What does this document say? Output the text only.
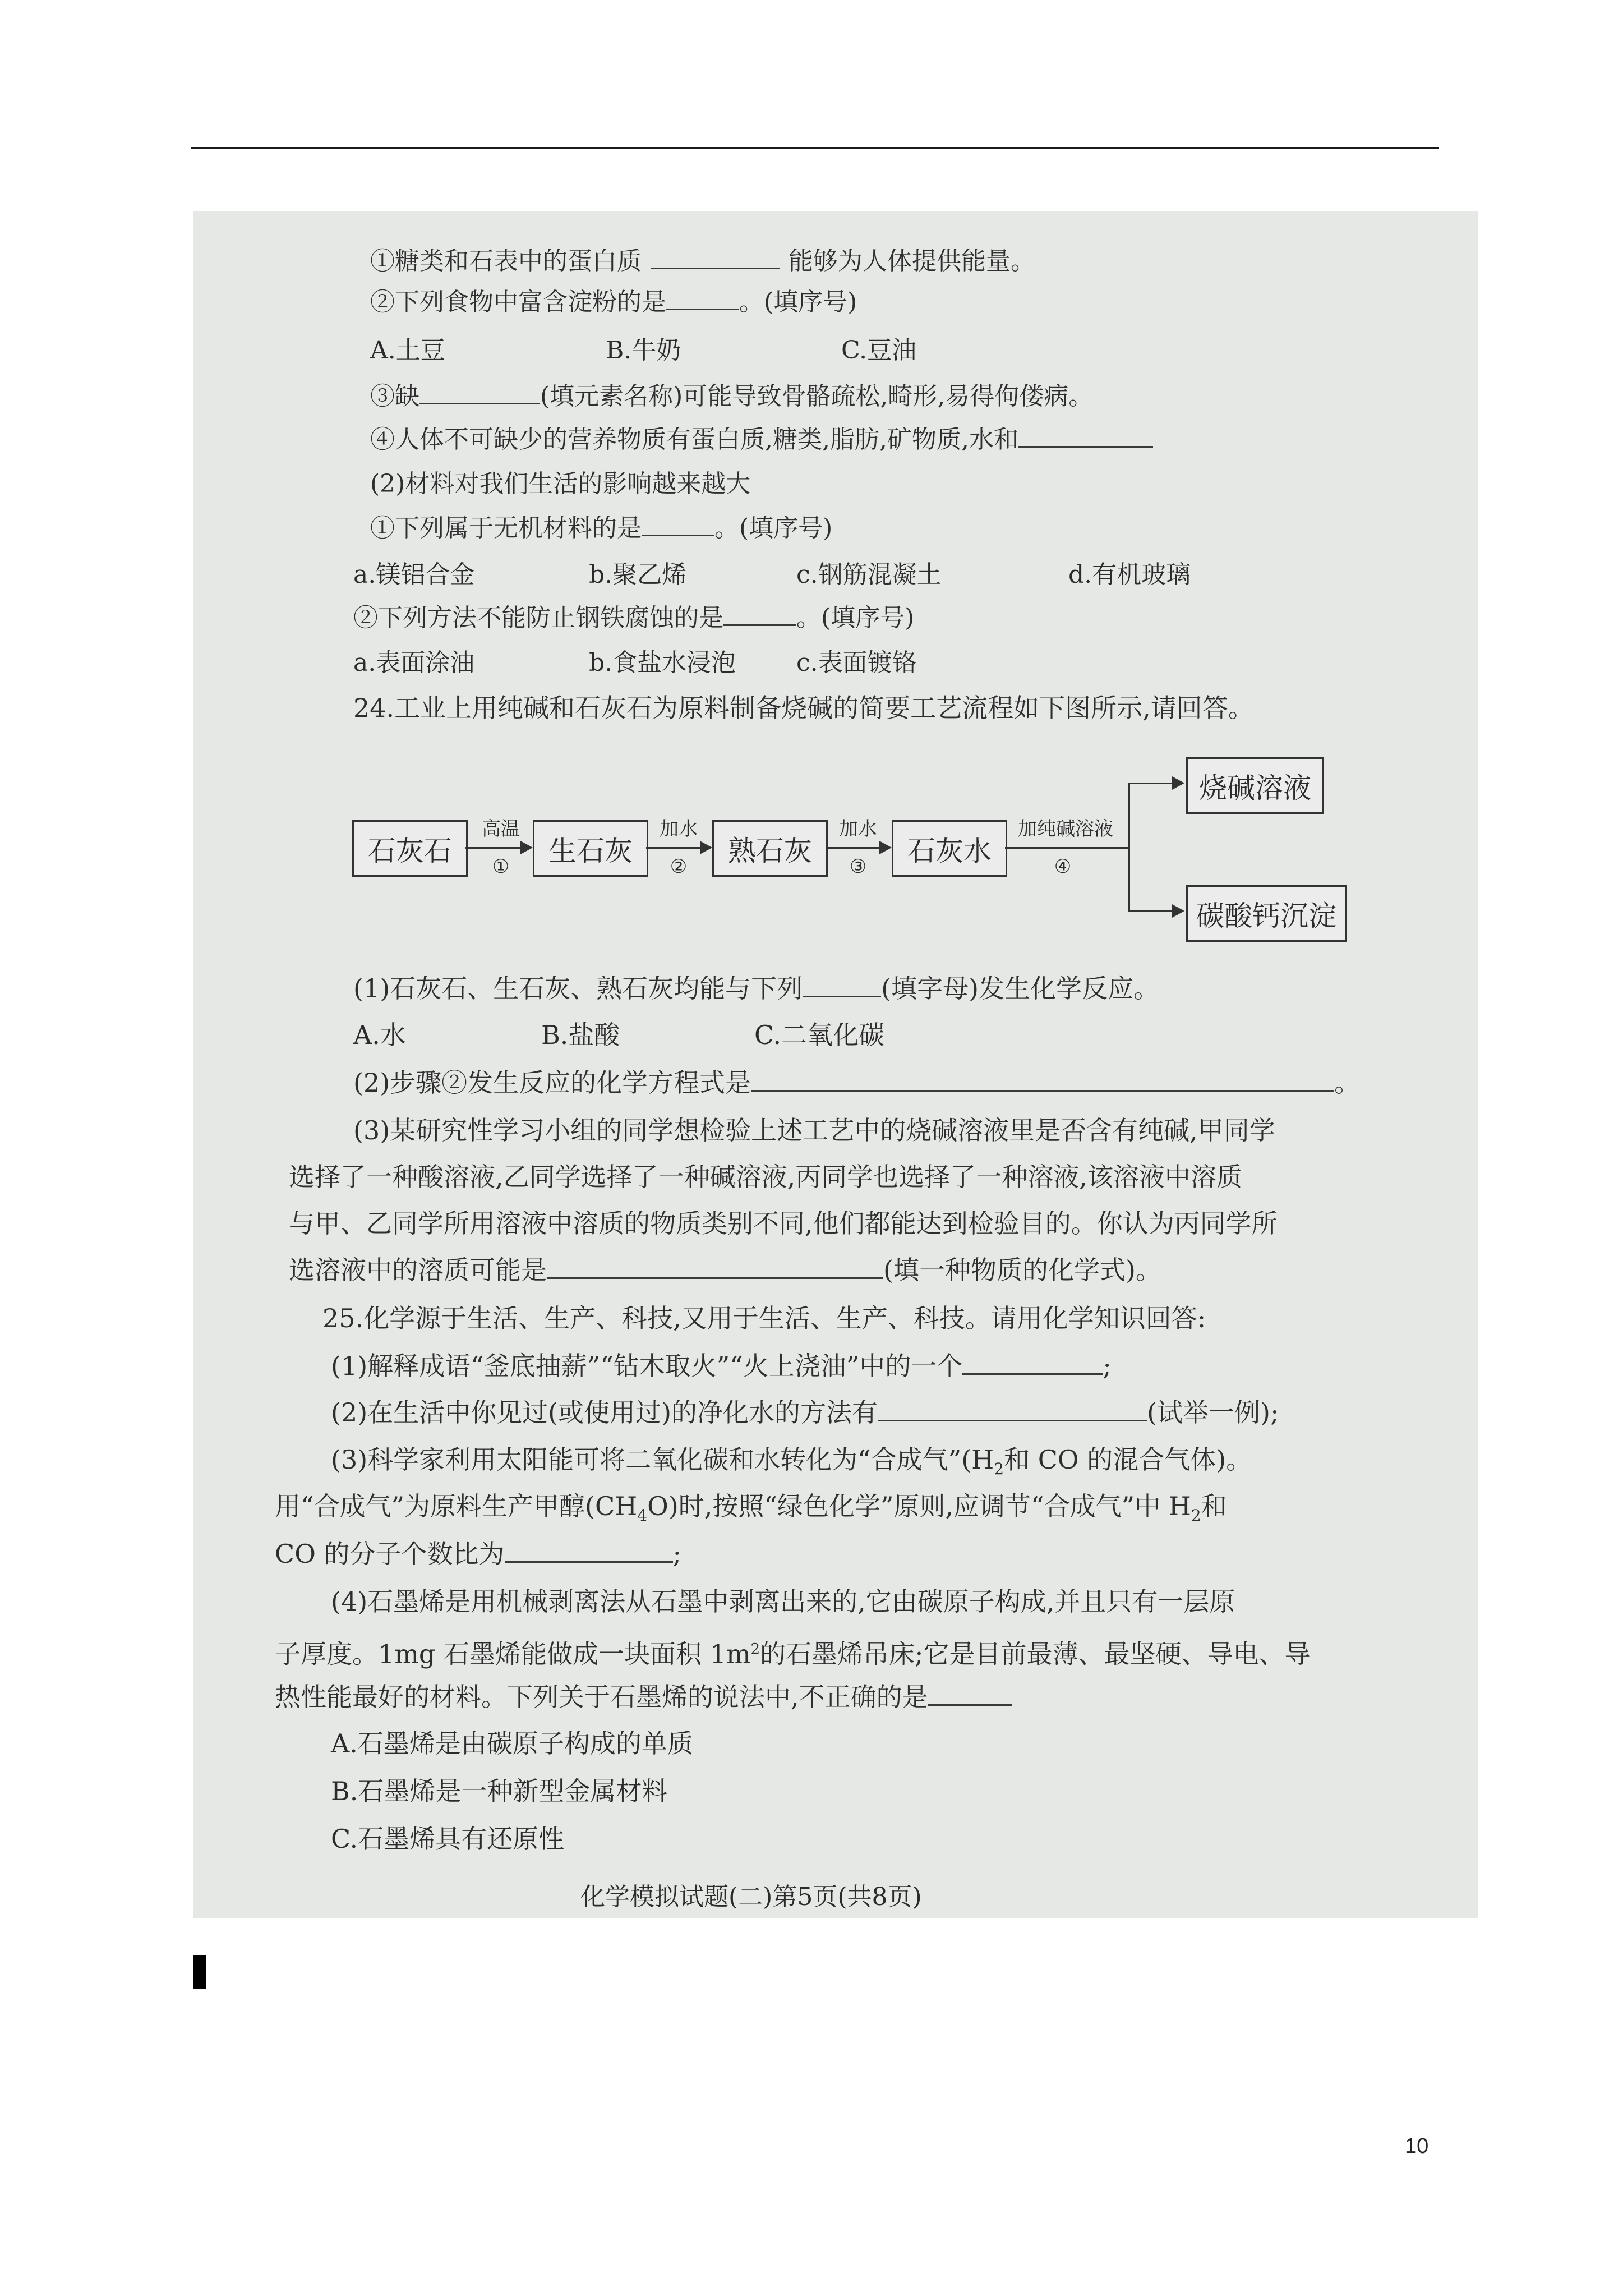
①糖类和石表中的蛋白质	能够为人体提供能量。
②下列食物中富含淀粉的是	。(填序号)
A.土豆	B.牛奶	C.豆油
③缺	(填元素名称)可能导致骨骼疏松,畸形,易得佝偻病。
④人体不可缺少的营养物质有蛋白质,糖类,脂肪,矿物质,水和
(2)材料对我们生活的影响越来越大
①下列属于无机材料的是	。(填序号)
a.镁铝合金	b.聚乙烯	c.钢筋混凝土	d.有机玻璃
②下列方法不能防止钢铁腐蚀的是	。(填序号)
a.表面涂油	b.食盐水浸泡 c.表面镀铬
24.工业上用纯碱和石灰石为原料制备烧碱的简要工艺流程如下图所示,请回答。
石灰石
高温
①	生石灰
加水
②	熟石灰
加水
③	石灰水
加纯碱溶液
④
烧碱溶液
碳酸钙沉淀
(1)石灰石、生石灰、熟石灰均能与下列	(填字母)发生化学反应。
A.水	B.盐酸	C.二氧化碳
(2)步骤②发生反应的化学方程式是	。
(3)某研究性学习小组的同学想检验上述工艺中的烧碱溶液里是否含有纯碱,甲同学
选择了一种酸溶液,乙同学选择了一种碱溶液,丙同学也选择了一种溶液,该溶液中溶质
与甲、乙同学所用溶液中溶质的物质类别不同,他们都能达到检验目的。你认为丙同学所
选溶液中的溶质可能是	(填一种物质的化学式)。
25.化学源于生活、生产、科技,又用于生活、生产、科技。请用化学知识回答:
(1)解释成语“釜底抽薪”“钻木取火”“火上浇油”中的一个	;
(2)在生活中你见过(或使用过)的净化水的方法有	(试举一例);
(3)科学家利用太阳能可将二氧化碳和水转化为“合成气$”(H_2$和 CO 的混合气体)。
用“合成气”为原料生产甲醇$(CH_4O)$时,按照“绿色化学”原则,应调节“合成气”中 $H_2$和
CO 的分子个数比为	;
(4)石墨烯是用机械剥离法从石墨中剥离出来的,它由碳原子构成,并且只有一层原
子厚度。1mg 石墨烯能做成一块面积 $1m^2$的石墨烯吊床;它是目前最薄、最坚硬、导电、导
热性能最好的材料。下列关于石墨烯的说法中,不正确的是
A.石墨烯是由碳原子构成的单质
B.石墨烯是一种新型金属材料
C.石墨烯具有还原性
化学模拟试题(二)第5页(共8页)
10
